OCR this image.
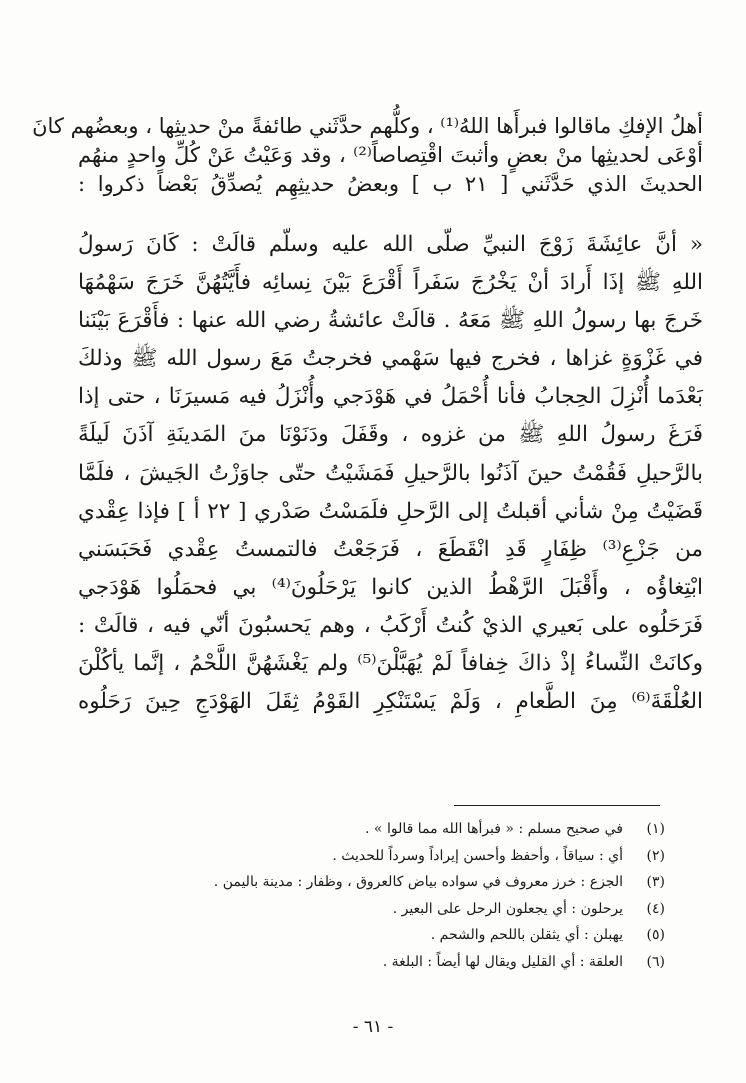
أهلُ الإفكِ ماقالوا فبرأَها اللهُ⁽¹⁾ ، وكلُّهم حدَّثَني طائفةً منْ حديثِها ، وبعضُهم كانَ
أوْعَى لحديثِها منْ بعضٍ وأثبتَ اقْتِصاصاً⁽²⁾ ، وقد وَعَيْتُ عَنْ كُلِّ واحدٍ منهُم
الحديثَ الذي حَدَّثَني [ ٢١ ب ] وبعضُ حديثِهِم يُصدِّقُ بَعْضاً ذكروا :
« أنَّ عائِشَةَ زَوْجَ النبيِّ صلّى الله عليه وسلّم قالَتْ : كَانَ رَسولُ
اللهِ ﷺ إذَا أَرادَ أنْ يَخْرُجَ سَفَراً أَقْرَعَ بَيْنَ نِسائِه فأَيَّتُهُنَّ خَرَجَ سَهْمُهَا
خَرجَ بها رسولُ اللهِ ﷺ مَعَهُ . قالَتْ عائشةُ رضي الله عنها : فأَقْرَعَ بَيْنَنا
في غَزْوَةٍ غزاها ، فخرج فيها سَهْمي فخرجتُ مَعَ رسول الله ﷺ وذلكَ
بَعْدَما أُنْزِلَ الحِجابُ فأنا أُحْمَلُ في هَوْدَجي وأُنْزَلُ فيه مَسيرَنَا ، حتى إذا
فَرَغَ رسولُ اللهِ ﷺ من غزوه ، وقَفَلَ ودَنَوْنَا منَ المَدينَةِ آذَنَ لَيلَةً
بالرَّحيلِ فَقُمْتُ حينَ آذَنُوا بالرَّحيلِ فَمَشَيْتُ حتّى جاوَزْتُ الجَيشَ ، فلَمَّا
قَضَيْتُ مِنْ شأني أقبلتُ إلى الرَّحلِ فلَمَسْتُ صَدْري [ ٢٢ أ ] فإذا عِقْدي
من جَزْعِ⁽³⁾ ظِفَارٍ قَدِ انْقَطَعَ ، فَرَجَعْتُ فالتمستُ عِقْدي فَحَبَسَني
ابْتِغاؤُه ، وأَقْبَلَ الرَّهْطُ الذين كانوا يَرْحَلُونَ⁽⁴⁾ بي فحمَلُوا هَوْدَجي
فَرَحَلُوه على بَعيري الذيْ كُنتُ أَرْكَبُ ، وهم يَحسبُونَ أنّي فيه ، قالَتْ :
وكانَتْ النِّساءُ إذْ ذاكَ خِفافاً لَمْ يُهَبَّلْنَ⁽⁵⁾ ولم يَغْشَهُنَّ اللَّحْمُ ، إنَّما يأكُلْنَ
العُلْقَةَ⁽⁶⁾ مِنَ الطَّعامِ ، وَلَمْ يَسْتَنْكِرِ القَوْمُ ثِقَلَ الهَوْدَجِ حِينَ رَحَلُوه
(١)
في صحيح مسلم : « فبرأها الله مما قالوا » .
(٢)
أي : سياقاً ، وأحفظ وأحسن إيراداً وسرداً للحديث .
(٣)
الجزع : خرز معروف في سواده بياض كالعروق ، وظفار : مدينة باليمن .
(٤)
يرحلون : أي يجعلون الرحل على البعير .
(٥)
يهبلن : أي يثقلن باللحم والشحم .
(٦)
العلقة : أي القليل ويقال لها أيضاً : البلغة .
- ٦١ -
